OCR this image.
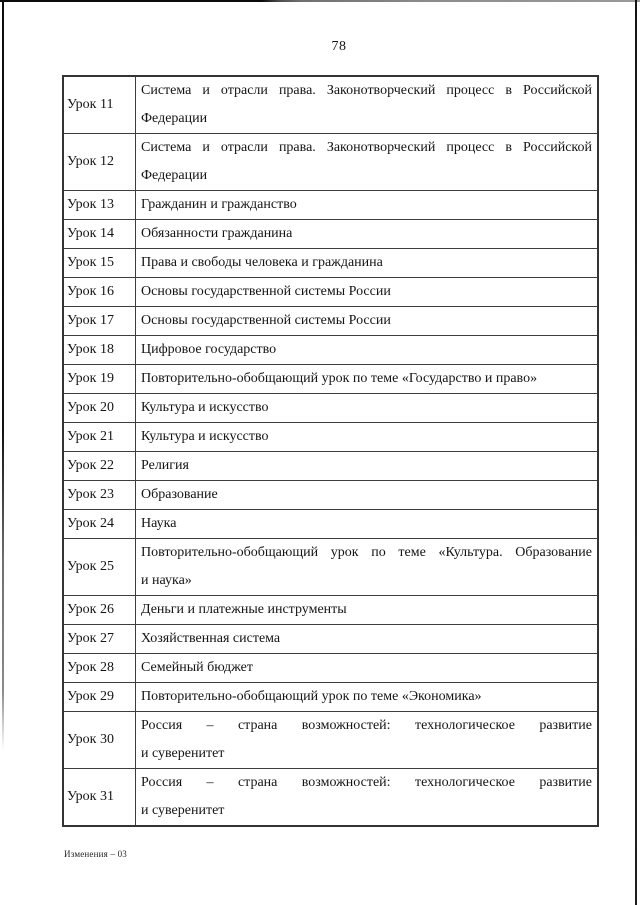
78
Урок 11	Система и отрасли права. Законотворческий процесс в Российской
Федерации

Урок 12	Система и отрасли права. Законотворческий процесс в Российской
Федерации

Урок 13	Гражданин и гражданство

Урок 14	Обязанности гражданина

Урок 15	Права и свободы человека и гражданина

Урок 16	Основы государственной системы России

Урок 17	Основы государственной системы России

Урок 18	Цифровое государство

Урок 19	Повторительно-обобщающий урок по теме «Государство и право»

Урок 20	Культура и искусство

Урок 21	Культура и искусство

Урок 22	Религия

Урок 23	Образование

Урок 24	Наука

Урок 25	Повторительно-обобщающий урок по теме «Культура. Образование
и наука»

Урок 26	Деньги и платежные инструменты

Урок 27	Хозяйственная система

Урок 28	Семейный бюджет

Урок 29	Повторительно-обобщающий урок по теме «Экономика»

Урок 30	Россия – страна возможностей: технологическое развитие
и суверенитет

Урок 31	Россия – страна возможностей: технологическое развитие
и суверенитет
Изменения – 03
